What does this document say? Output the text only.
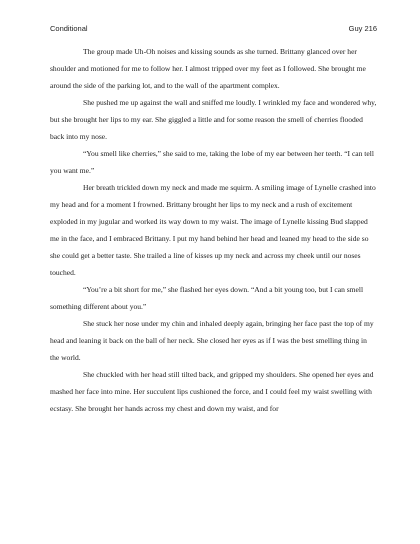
Conditional	Guy 216

The group made Uh-Oh noises and kissing sounds as she turned. Brittany glanced over her shoulder and motioned for me to follow her. I almost tripped over my feet as I followed. She brought me around the side of the parking lot, and to the wall of the apartment complex.

She pushed me up against the wall and sniffed me loudly. I wrinkled my face and wondered why, but she brought her lips to my ear. She giggled a little and for some reason the smell of cherries flooded back into my nose.

“You smell like cherries,” she said to me, taking the lobe of my ear between her teeth. “I can tell you want me.”

Her breath trickled down my neck and made me squirm. A smiling image of Lynelle crashed into my head and for a moment I frowned. Brittany brought her lips to my neck and a rush of excitement exploded in my jugular and worked its way down to my waist. The image of Lynelle kissing Bud slapped me in the face, and I embraced Brittany. I put my hand behind her head and leaned my head to the side so she could get a better taste. She trailed a line of kisses up my neck and across my cheek until our noses touched.

“You’re a bit short for me,” she flashed her eyes down. “And a bit young too, but I can smell something different about you.”

She stuck her nose under my chin and inhaled deeply again, bringing her face past the top of my head and leaning it back on the ball of her neck. She closed her eyes as if I was the best smelling thing in the world.

She chuckled with her head still tilted back, and gripped my shoulders. She opened her eyes and mashed her face into mine. Her succulent lips cushioned the force, and I could feel my waist swelling with ecstasy. She brought her hands across my chest and down my waist, and for
